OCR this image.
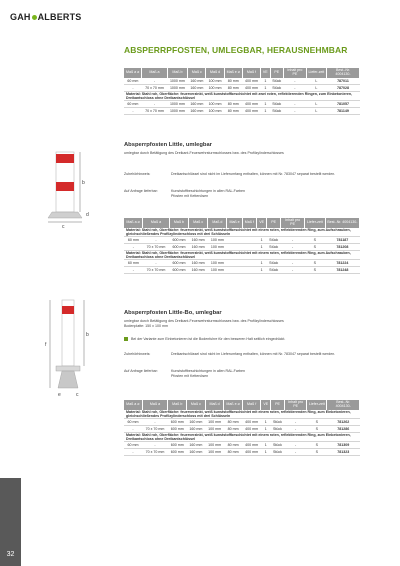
GAH ALBERTS
ABSPERRPFOSTEN, UMLEGBAR, HERAUSNEHMBAR
Maß a ⌀	Maß a	Maß b	Maß c	Maß d	Maß e ⌀	Maß f	VE	PE	Inhalt pro PE	Liefer-zeit	Best.-Nr. 4004130-
60 mm	-	1000 mm	160 mm	100 mm	80 mm	400 mm	1	Stück	-	L	787011
-	70 x 70 mm	1000 mm	160 mm	100 mm	80 mm	400 mm	1	Stück	-	L	787028
Material: Stahl roh, Oberfläche: feuerverzinkt, weiß kunststoffbeschichtet mit zwei roten, reflektierenden Ringen, zum Einbetonieren, Dreikantschloss ohne Dreikantschlüssel											
60 mm	-	1000 mm	160 mm	100 mm	80 mm	400 mm	1	Stück	-	L	781057
-	70 x 70 mm	1000 mm	160 mm	100 mm	80 mm	400 mm	1	Stück	-	L	781149
b
c
d
Absperrpfosten Little, umlegbar
umlegbar durch Betätigung des Dreikant-Feuerwehrsturmschlosses bzw. des Profilzylinderschlosses
Zubehörhinweis:	Dreikantschlüssel sind nicht im Lieferumfang enthalten, können mit Nr. 783047 separat bestellt werden.
Auf Anfrage lieferbar:	Kunststoffbeschichtungen in allen RAL-Farben
Pfosten mit Kettenösen
Maß a ⌀	Maß a	Maß b	Maß c	Maß d	Maß e	Maß f	VE	PE	Inhalt pro PE	Liefer-zeit	Best.-Nr. 4004130-
Material: Stahl roh, Oberfläche: feuerverzinkt, weiß kunststoffbeschichtet mit einem roten, reflektierenden Ring, zum Aufschrauben, gleichschließendes Profilzylinderschloss mit drei Schlüsseln											
60 mm	-	600 mm	160 mm	100 mm			1	Stück	-	S	781187
-	70 x 70 mm	600 mm	160 mm	100 mm			1	Stück	-	S	781208
Material: Stahl roh, Oberfläche: feuerverzinkt, weiß kunststoffbeschichtet mit einem roten, reflektierenden Ring, zum Aufschrauben, Dreikantschloss ohne Dreikantschlüssel											
60 mm	-	600 mm	160 mm	100 mm			1	Stück	-	S	781224
-	70 x 70 mm	600 mm	160 mm	100 mm			1	Stück	-	S	781248
f
b
e	c
Absperrpfosten Little-Bo, umlegbar
umlegbar durch Betätigung des Dreikant-Feuerwehrsturmschlosses bzw. des Profilzylinderschlosses
Bodenplatte: 150 x 100 mm
Bei der Variante zum Einbetonieren ist die Bodenfuhre für den besseren Halt seitlich eingedrückt.
Zubehörhinweis:	Dreikantschlüssel sind nicht im Lieferumfang enthalten, können mit Nr. 783047 separat bestellt werden.
Auf Anfrage lieferbar:	Kunststoffbeschichtungen in allen RAL-Farben
Pfosten mit Kettenösen
Maß a ⌀	Maß a	Maß b	Maß c	Maß d	Maß e ⌀	Maß f	VE	PE	Inhalt pro PE	Liefer-zeit	Best.-Nr. 4004130-
Material: Stahl roh, Oberfläche: feuerverzinkt, weiß kunststoffbeschichtet mit einem roten, reflektierenden Ring, zum Einbetonieren, gleichschließendes Profilzylinderschloss mit drei Schlüsseln											
60 mm	-	600 mm	160 mm	100 mm	80 mm	400 mm	1	Stück	-	S	781262
-	70 x 70 mm	600 mm	160 mm	100 mm	80 mm	400 mm	1	Stück	-	S	781286
Material: Stahl roh, Oberfläche: feuerverzinkt, weiß kunststoffbeschichtet mit einem roten, reflektierenden Ring, zum Einbetonieren, Dreikantschloss ohne Dreikantschlüssel											
60 mm	-	600 mm	160 mm	100 mm	80 mm	400 mm	1	Stück	-	S	781309
-	70 x 70 mm	600 mm	160 mm	100 mm	80 mm	400 mm	1	Stück	-	S	781323
32
